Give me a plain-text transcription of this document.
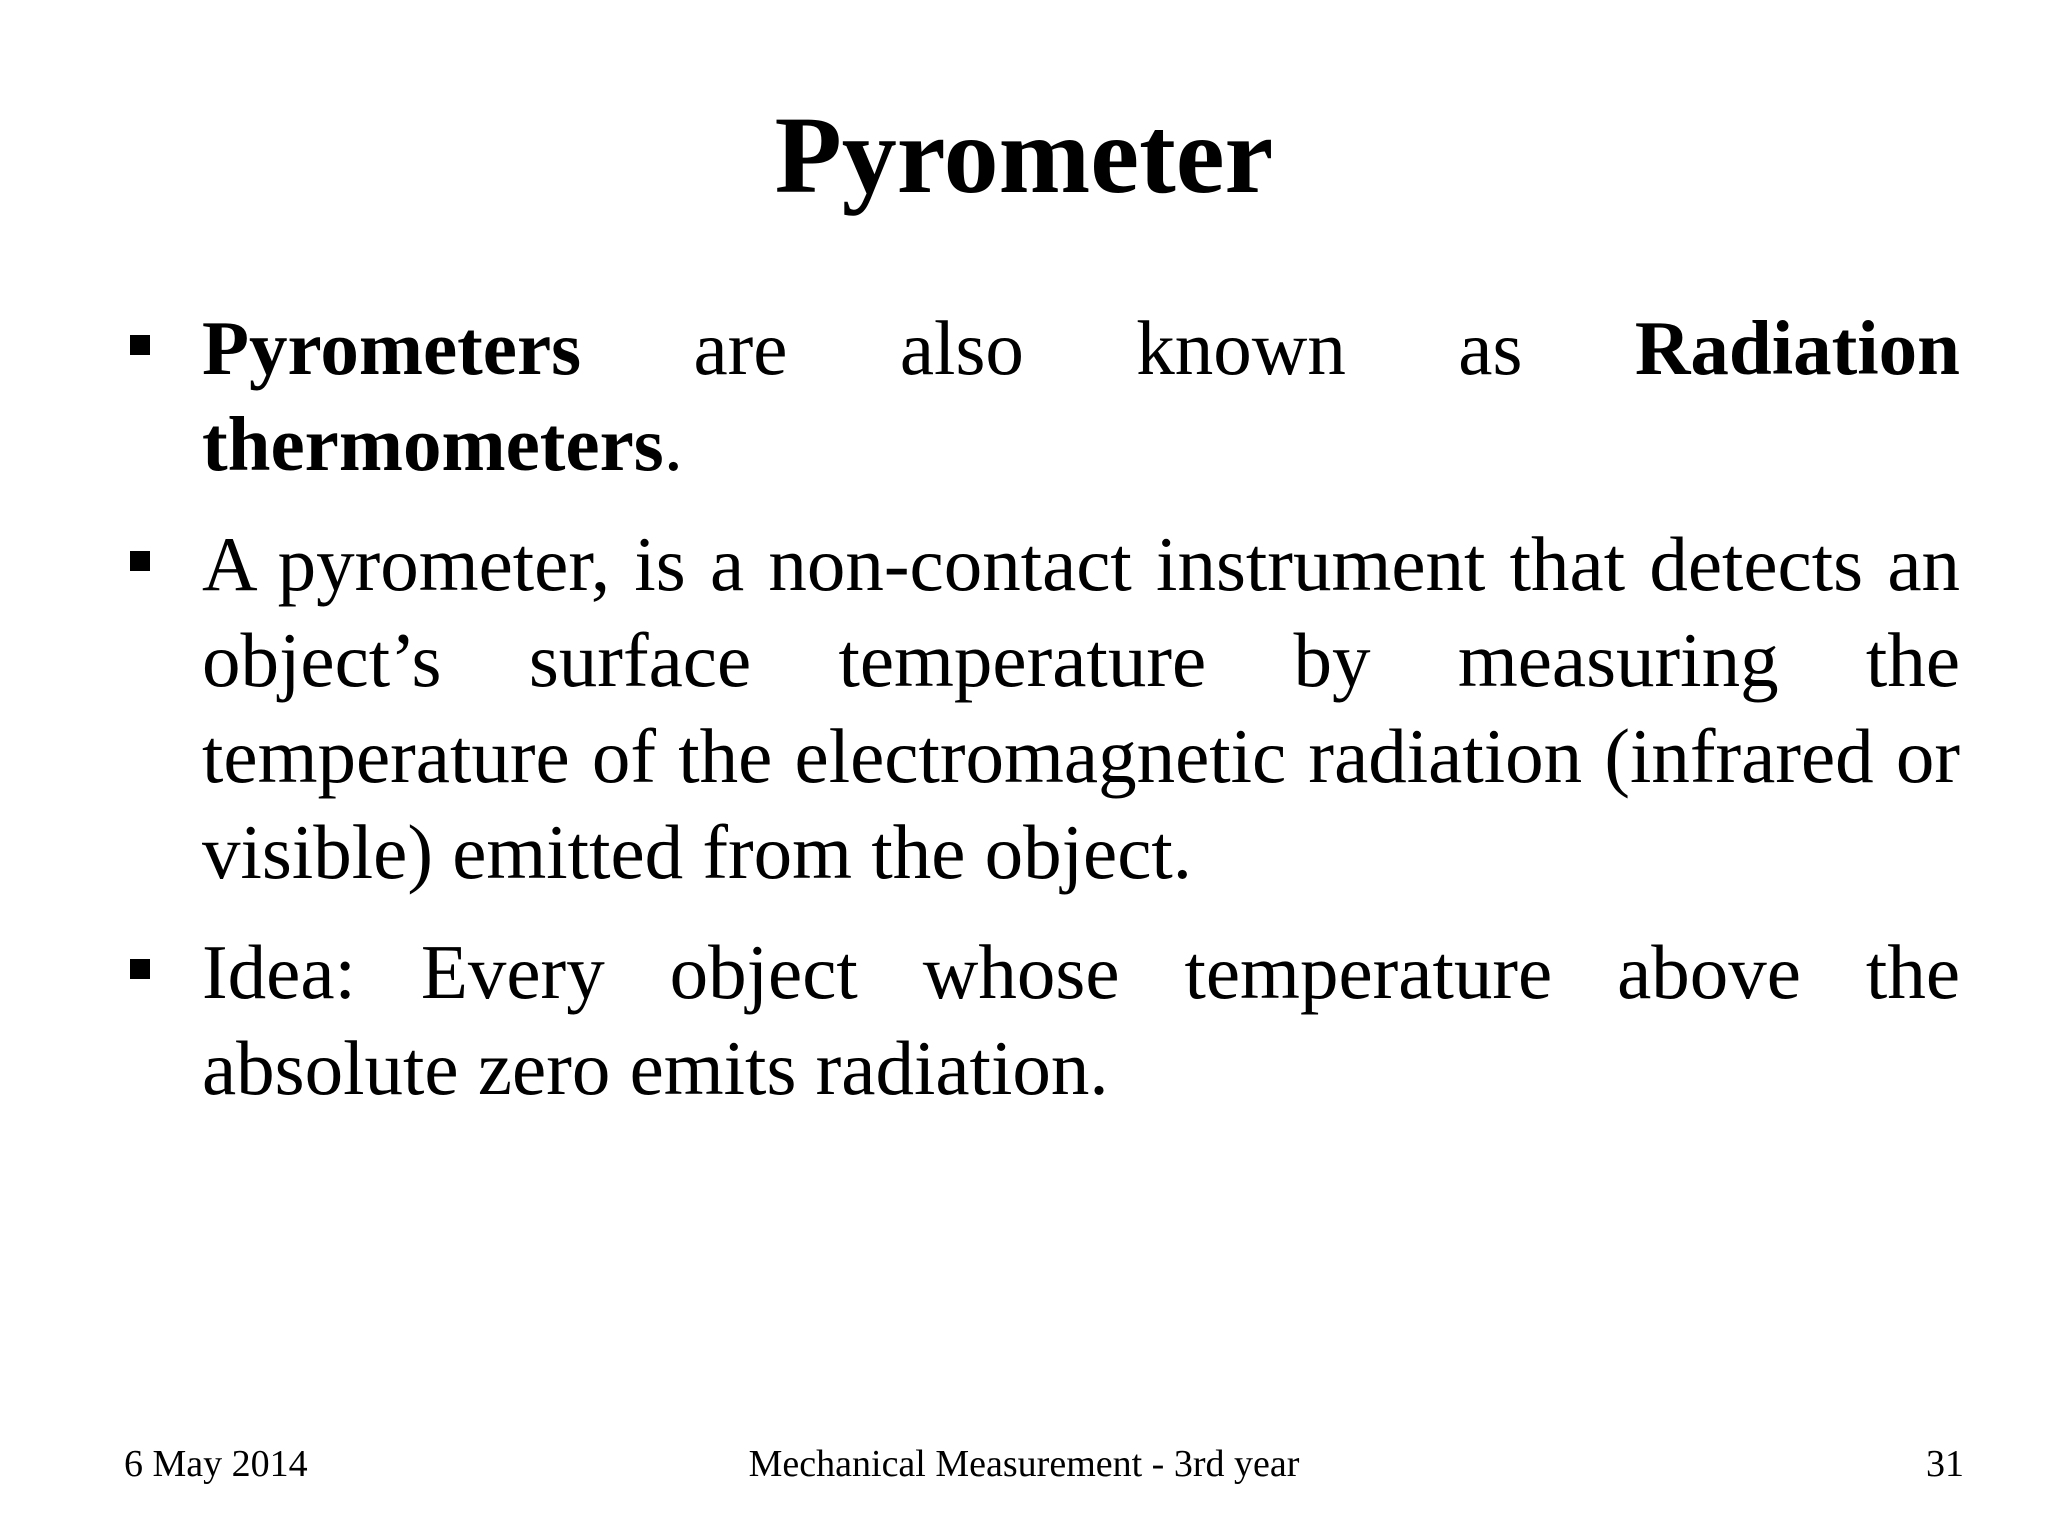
Pyrometer
Pyrometers are also known as Radiation thermometers.
A pyrometer, is a non-contact instrument that detects an object’s surface temperature by measuring the temperature of the electromagnetic radiation (infrared or visible) emitted from the object.
Idea: Every object whose temperature above the absolute zero emits radiation.
6 May 2014	Mechanical Measurement - 3rd year	31
